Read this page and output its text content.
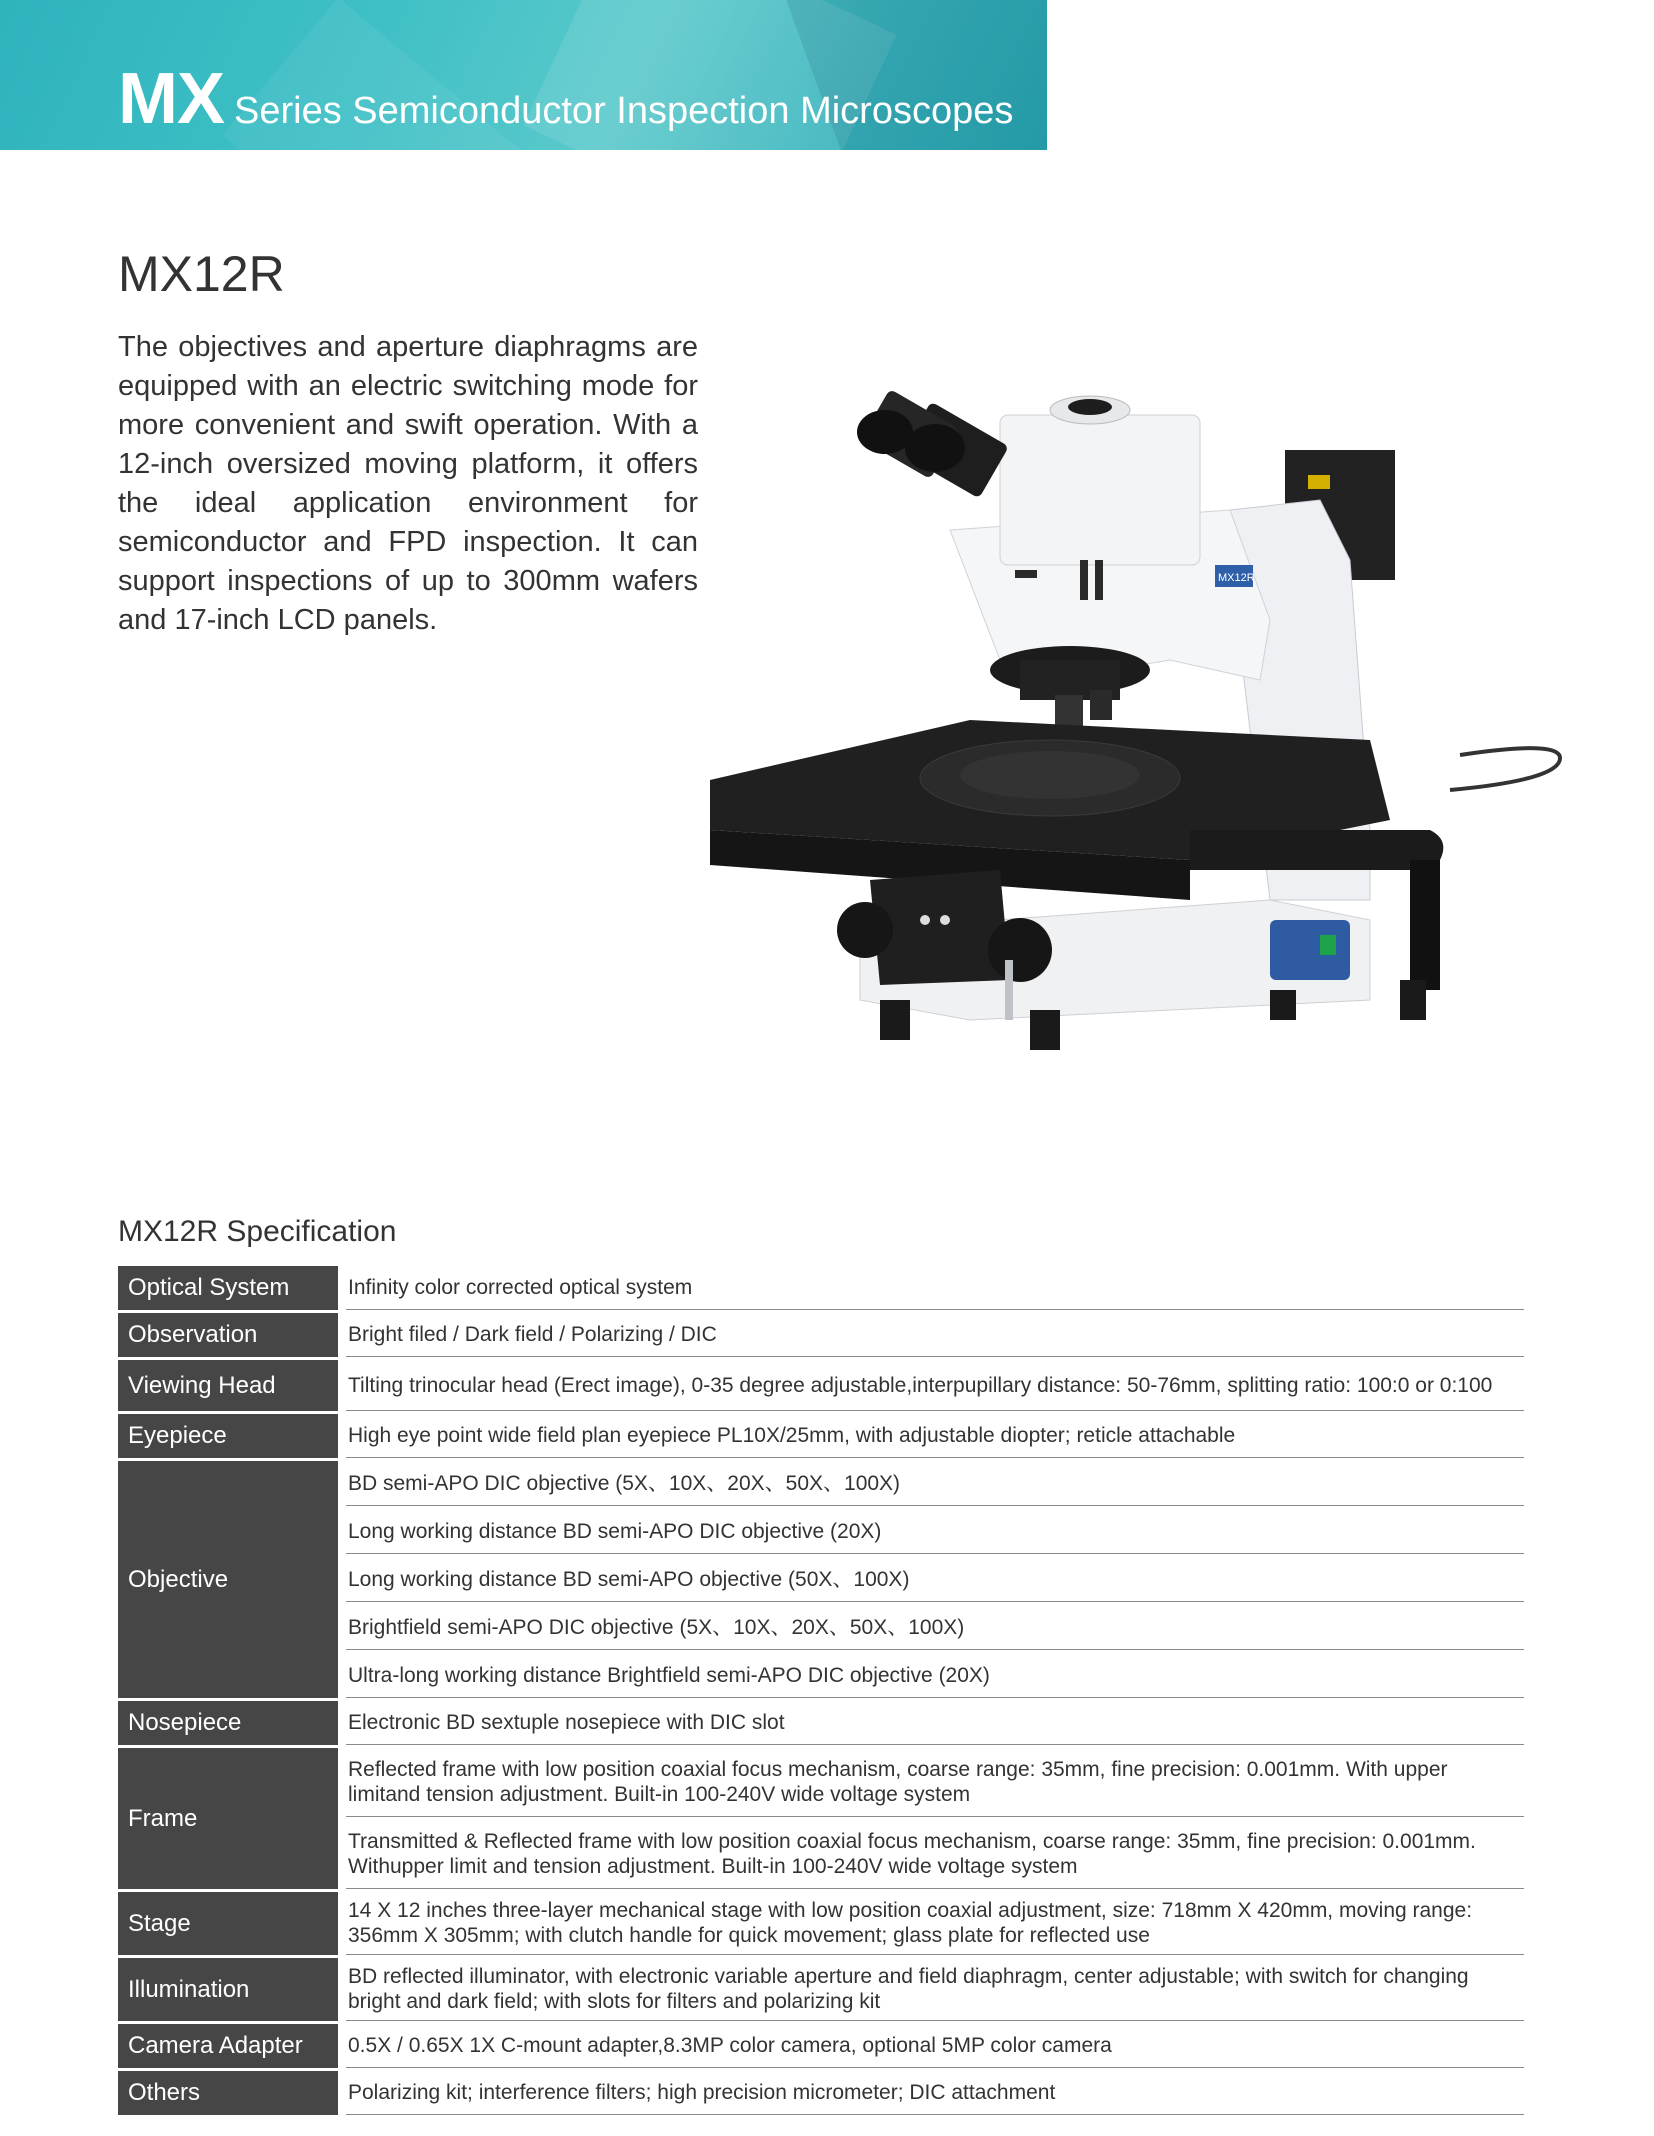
MX Series Semiconductor Inspection Microscopes
MX12R
The objectives and aperture diaphragms are equipped with an electric switching mode for more convenient and swift operation. With a 12-inch oversized moving platform, it offers the ideal application environment for semiconductor and FPD inspection. It can support inspections of up to 300mm wafers and 17-inch LCD panels.
MX12R
MX12R Specification
Optical System		Infinity color corrected optical system
Observation		Bright filed / Dark field / Polarizing / DIC
Viewing Head		Tilting trinocular head (Erect image), 0-35 degree adjustable,interpupillary distance: 50-76mm, splitting ratio: 100:0 or 0:100
Eyepiece		High eye point wide field plan eyepiece PL10X/25mm, with adjustable diopter; reticle attachable
Objective		BD semi-APO DIC objective (5X、10X、20X、50X、100X)
		Long working distance BD semi-APO DIC objective (20X)
		Long working distance BD semi-APO objective (50X、100X)
		Brightfield semi-APO DIC objective (5X、10X、20X、50X、100X)
		Ultra-long working distance Brightfield semi-APO DIC objective (20X)
Nosepiece		Electronic BD sextuple nosepiece with DIC slot
Frame		Reflected frame with low position coaxial focus mechanism, coarse range: 35mm, fine precision: 0.001mm. With upper limitand tension adjustment. Built-in 100-240V wide voltage system
		Transmitted & Reflected frame with low position coaxial focus mechanism, coarse range: 35mm, fine precision: 0.001mm. Withupper limit and tension adjustment. Built-in 100-240V wide voltage system
Stage		14 X 12 inches three-layer mechanical stage with low position coaxial adjustment, size: 718mm X 420mm, moving range: 356mm X 305mm; with clutch handle for quick movement; glass plate for reflected use
Illumination		BD reflected illuminator, with electronic variable aperture and field diaphragm, center adjustable; with switch for changing bright and dark field; with slots for filters and polarizing kit
Camera Adapter		0.5X / 0.65X 1X C-mount adapter,8.3MP color camera, optional 5MP color camera
Others		Polarizing kit; interference filters; high precision micrometer; DIC attachment
